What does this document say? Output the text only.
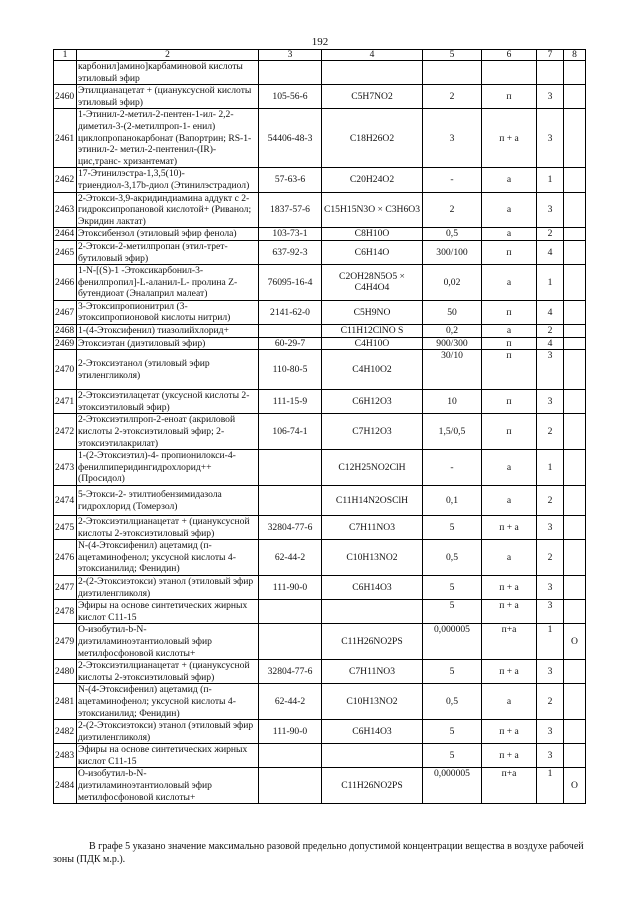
192
1	2	3	4	5	6	7	8
	карбонил]амино]карбаминовой кислоты этиловый эфир						
2460	Этилцианацетат + (циануксусной кислоты этиловый эфир)	105-56-6	C5H7NO2	2	п	3	
2461	1-Этинил-2-метил-2-пентен-1-ил- 2,2-диметил-3-(2-метилпроп-1- енил) циклопропанокарбонат (Вапортрин; RS-1-этинил-2- метил-2-пентенил-(IR)-цис,транс- хризантемат)	54406-48-3	C18H26O2	3	п + а	3	
2462	17-Этинилэстра-1,3,5(10)- триендиол-3,17b-диол (Этинилэстрадиол)	57-63-6	C20H24O2	-	а	1	
2463	2-Этокси-3,9-акридиндиамина аддукт с 2-гидроксипропановой кислотой+ (Риванол; Экридин лактат)	1837-57-6	C15H15N3O × C3H6O3	2	а	3	
2464	Этоксибензол (этиловый эфир фенола)	103-73-1	C8H10O	0,5	а	2	
2465	2-Этокси-2-метилпропан (этил-трет-бутиловый эфир)	637-92-3	C6H14O	300/100	п	4	
2466	1-N-[(S)-1 -Этоксикарбонил-3-фенилпропил]-L-аланил-L- пролина Z-бутендиоат (Эналаприл малеат)	76095-16-4	C2OH28N5O5 × C4H4O4	0,02	а	1	
2467	3-Этоксипропионитрил (3-этоксипропионовой кислоты нитрил)	2141-62-0	C5H9NO	50	п	4	
2468	1-(4-Этоксифенил) тиазолийхлорид+		C11H12ClNO S	0,2	а	2	
2469	Этоксиэтан (диэтиловый эфир)	60-29-7	C4H10O	900/300	п	4	
2470	2-Этоксиэтанол (этиловый эфир этиленгликоля)	110-80-5	C4H10O2	30/10	п	3	
2471	2-Этоксиэтилацетат (уксусной кислоты 2- этоксиэтиловый эфир)	111-15-9	C6H12O3	10	п	3	
2472	2-Этоксиэтилпроп-2-еноат (акриловой кислоты 2-этоксиэтиловый эфир; 2-этоксиэтилакрилат)	106-74-1	C7H12O3	1,5/0,5	п	2	
2473	1-(2-Этоксиэтил)-4- пропионилокси-4-фенилпиперидингидрохлорид++ (Просидол)		C12H25NO2ClH	-	а	1	
2474	5-Этокси-2- этилтиобензимидазола гидрохлорид (Томерзол)		C11H14N2OSClH	0,1	а	2	
2475	2-Этоксиэтилцианацетат + (циануксусной кислоты 2-этоксиэтиловый эфир)	32804-77-6	C7H11NO3	5	п + а	3	
2476	N-(4-Этоксифенил) ацетамид (п-ацетаминофенол; уксусной кислоты 4-этоксианилид; Фенидин)	62-44-2	C10H13NO2	0,5	а	2	
2477	2-(2-Этоксиэтокси) этанол (этиловый эфир диэтиленгликоля)	111-90-0	C6H14O3	5	п + а	3	
2478	Эфиры на основе синтетических жирных кислот С11-15			5	п + а	3	
2479	О-изобутил-b-N-диэтиламиноэтантиоловый эфир метилфосфоновой кислоты+		C11H26NO2PS	0,000005	п+а	1	О
2480	2-Этоксиэтилцианацетат + (циануксусной кислоты 2-этоксиэтиловый эфир)	32804-77-6	C7H11NO3	5	п + а	3	
2481	N-(4-Этоксифенил) ацетамид (п-ацетаминофенол; уксусной кислоты 4-этоксианилид; Фенидин)	62-44-2	C10H13NO2	0,5	а	2	
2482	2-(2-Этоксиэтокси) этанол (этиловый эфир диэтиленгликоля)	111-90-0	C6H14O3	5	п + а	3	
2483	Эфиры на основе синтетических жирных кислот С11-15			5	п + а	3	
2484	О-изобутил-b-N-диэтиламиноэтантиоловый эфир метилфосфоновой кислоты+		C11H26NO2PS	0,000005	п+а	1	О
В графе 5 указано значение максимально разовой предельно допустимой концентрации вещества в воздухе рабочей зоны (ПДК м.р.).
